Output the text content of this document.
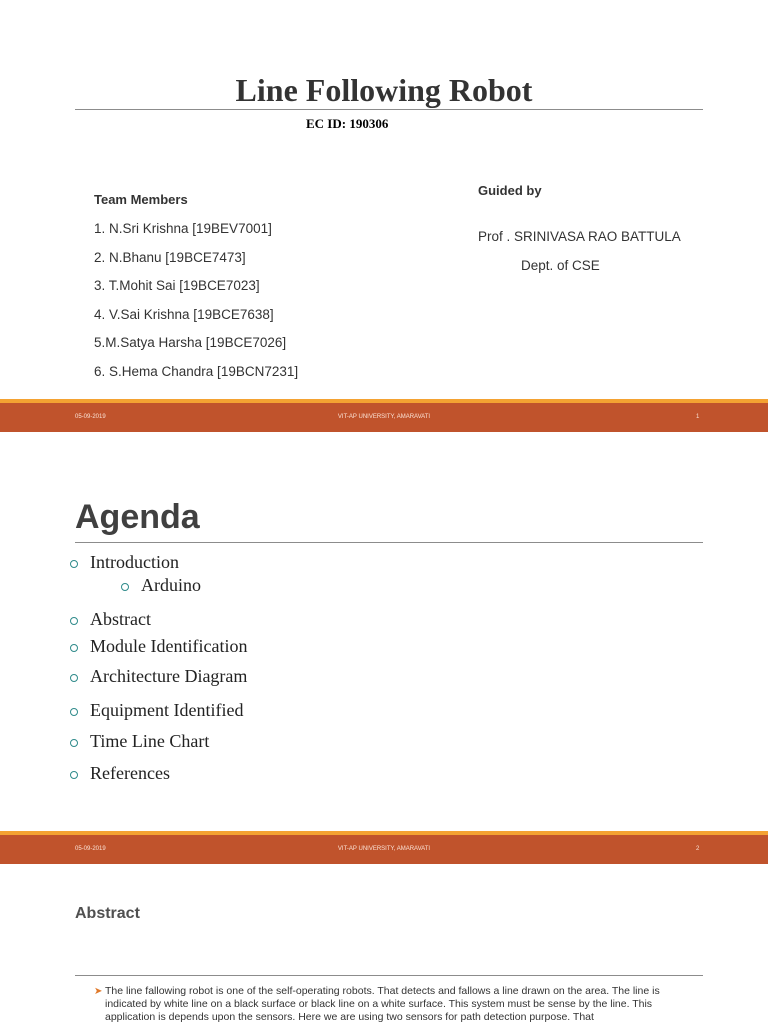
Line Following Robot
EC ID: 190306
Team Members
1. N.Sri Krishna [19BEV7001]
2. N.Bhanu [19BCE7473]
3. T.Mohit Sai [19BCE7023]
4. V.Sai Krishna [19BCE7638]
5.M.Satya Harsha [19BCE7026]
6. S.Hema Chandra [19BCN7231]
Guided by
Prof . SRINIVASA RAO BATTULA
Dept. of CSE
05-09-2019	VIT-AP UNIVERSITY, AMARAVATI	1
Agenda
Introduction
Arduino
Abstract
Module Identification
Architecture Diagram
Equipment Identified
Time Line Chart
References
05-09-2019	VIT-AP UNIVERSITY, AMARAVATI	2
Abstract
➤ The line fallowing robot is one of the self-operating robots. That detects and fallows a line drawn on the area. The line is indicated by white line on a black surface or black line on a white surface. This system must be sense by the line. This application is depends upon the sensors. Here we are using two sensors for path detection purpose. That
